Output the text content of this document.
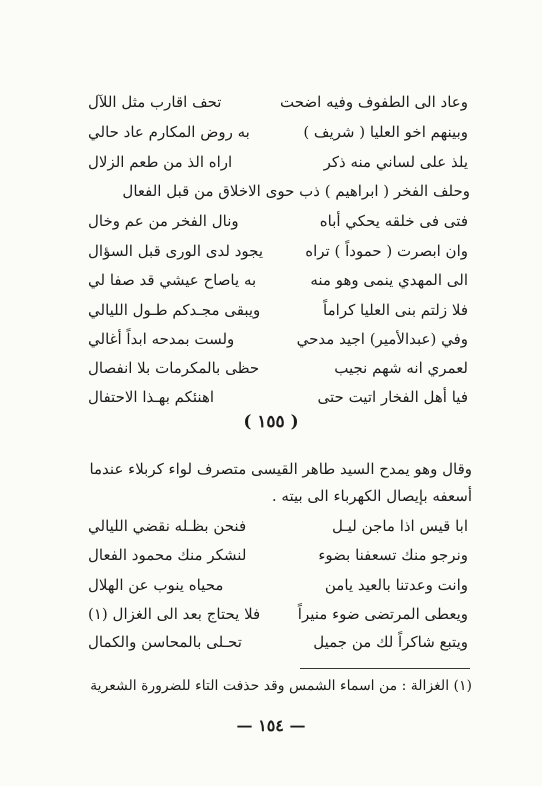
وعاد الى الطفوف وفيه اضحت
تحف اقارب مثل اللآل
وبينهم اخو العليا ( شريف )
به روض المكارم عاد حالي
يلذ على لساني منه ذكر
اراه الذ من طعم الزلال
وحلف الفخر ( ابراهيم ) ذب حوى الاخلاق من قبل الفعال
فتى فى خلقه يحكي أباه
ونال الفخر من عم وخال
وان ابصرت ( حموداً ) تراه
يجود لدى الورى قبل السؤال
الى المهدي ينمى وهو منه
به ياصاح عيشي قد صفا لي
فلا زلتم بنى العليا كراماً
ويبقى مجـدكم طـول الليالي
وفي (عبدالأمير) اجيد مدحي
ولست بمدحه ابداً أغالي
لعمري انه شهم نجيب
حظى بالمكرمات بلا انفصال
فيا أهل الفخار اتيت حتى
اهنئكم بهـذا الاحتفال
( ١٥٥ )
وقال وهو يمدح السيد طاهر القيسى متصرف لواء كربلاء عندما
أسعفه بإيصال الكهرباء الى بيته .
ابا قيس اذا ماجن ليـل
فنحن بظـله نقضي الليالي
ونرجو منك تسعفنا بضوء
لنشكر منك محمود الفعال
وانت وعدتنا بالعيد يامن
محياه ينوب عن الهلال
ويعطى المرتضى ضوء منيراً
فلا يحتاج بعد الى الغزال (١)
ويتبع شاكراً لك من جميل
تحـلى بالمحاسن والكمال
(١) الغزالة : من اسماء الشمس وقد حذفت التاء للضرورة الشعرية
— ١٥٤ —
